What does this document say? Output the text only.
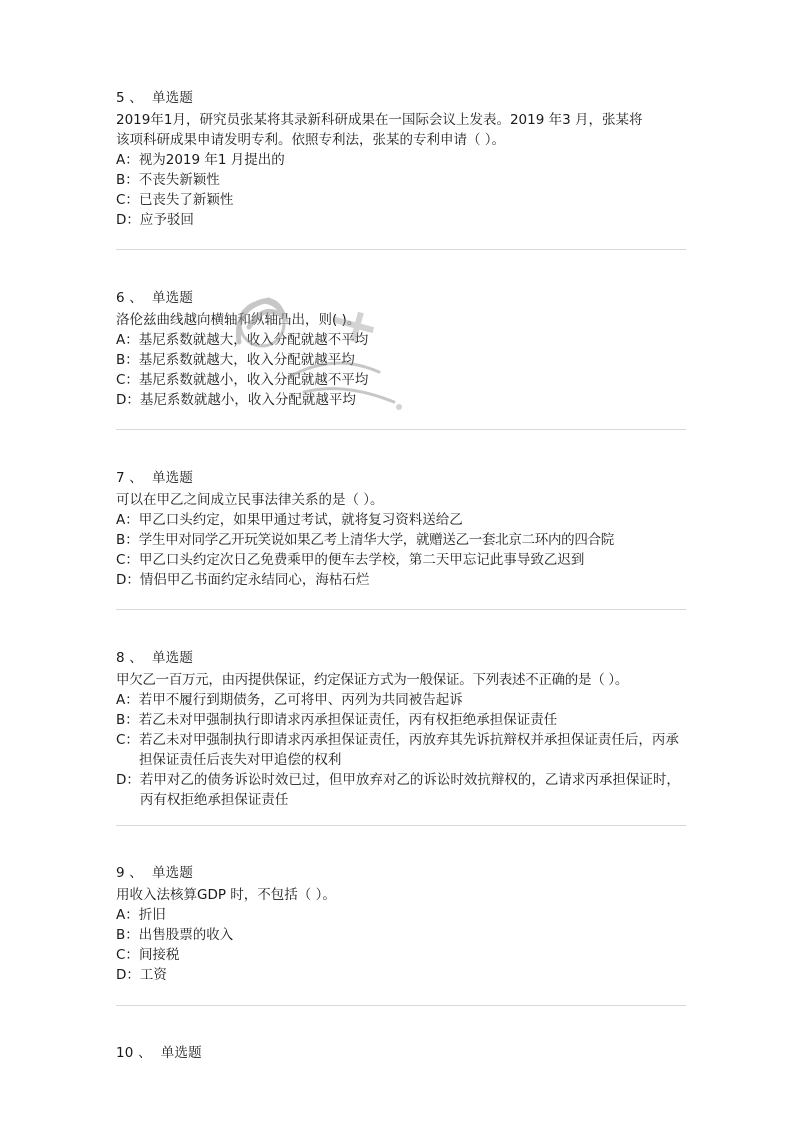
5 、 单选题
2019年1月，研究员张某将其录新科研成果在一国际会议上发表。2019 年3 月，张某将
该项科研成果申请发明专利。依照专利法，张某的专利申请（ ）。
A： 视为2019 年1 月提出的
B： 不丧失新颖性
C： 已丧失了新颖性
D： 应予驳回
6 、 单选题
洛伦兹曲线越向横轴和纵轴凸出，则( )。
A： 基尼系数就越大，收入分配就越不平均
B： 基尼系数就越大，收入分配就越平均
C： 基尼系数就越小，收入分配就越不平均
D： 基尼系数就越小，收入分配就越平均
7 、 单选题
可以在甲乙之间成立民事法律关系的是（ ）。
A： 甲乙口头约定，如果甲通过考试，就将复习资料送给乙
B： 学生甲对同学乙开玩笑说如果乙考上清华大学，就赠送乙一套北京二环内的四合院
C： 甲乙口头约定次日乙免费乘甲的便车去学校，第二天甲忘记此事导致乙迟到
D： 情侣甲乙书面约定永结同心，海枯石烂
8 、 单选题
甲欠乙一百万元，由丙提供保证，约定保证方式为一般保证。下列表述不正确的是（ ）。
A： 若甲不履行到期债务，乙可将甲、丙列为共同被告起诉
B： 若乙未对甲强制执行即请求丙承担保证责任，丙有权拒绝承担保证责任
C： 若乙未对甲强制执行即请求丙承担保证责任，丙放弃其先诉抗辩权并承担保证责任后，丙承担保证责任后丧失对甲追偿的权利
D： 若甲对乙的债务诉讼时效已过，但甲放弃对乙的诉讼时效抗辩权的，乙请求丙承担保证时，丙有权拒绝承担保证责任
9 、 单选题
用收入法核算GDP 时，不包括（ ）。
A： 折旧
B： 出售股票的收入
C： 间接税
D： 工资
10 、 单选题
